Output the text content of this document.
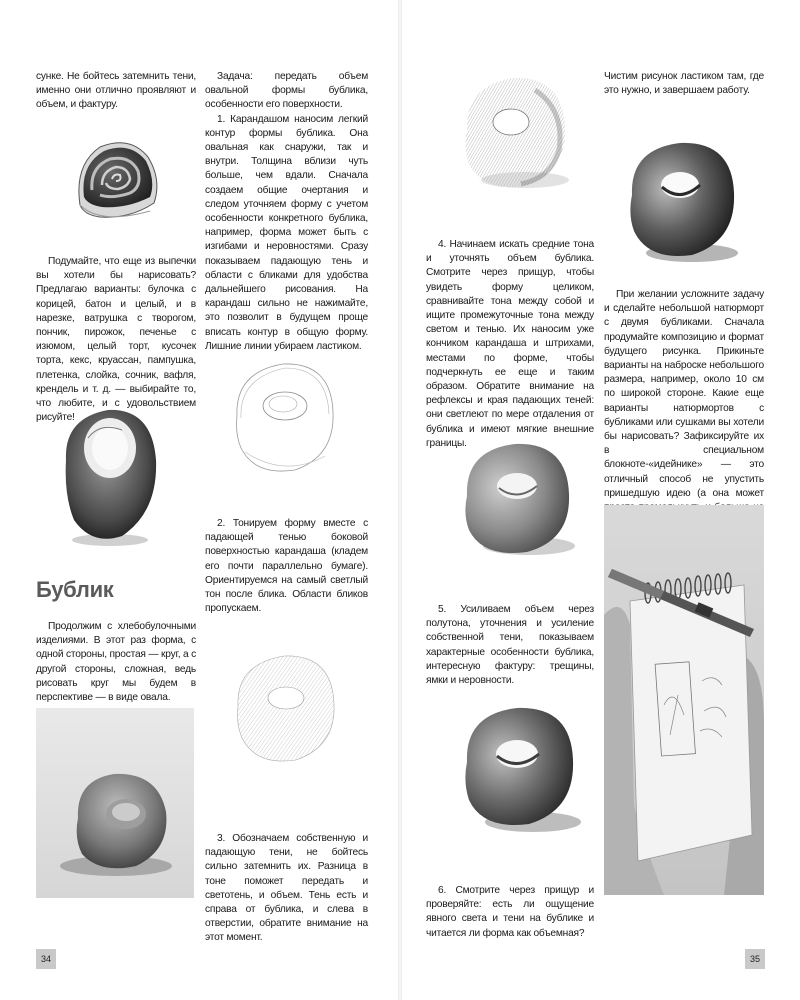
сунке. Не бойтесь затемнить тени, именно они отлично проявляют и объем, и фактуру.

Подумайте, что еще из выпечки вы хотели бы нарисовать? Предлагаю варианты: булочка с корицей, батон и целый, и в нарезке, ватрушка с творогом, пончик, пирожок, печенье с изюмом, целый торт, кусочек торта, кекс, круассан, пампушка, плетенка, слойка, сочник, вафля, крендель и т. д. — выбирайте то, что любите, и с удовольствием рисуйте!

Бублик

Продолжим с хлебобулочными изделиями. В этот раз форма, с одной стороны, простая — круг, а с другой стороны, сложная, ведь рисовать круг мы будем в перспективе — в виде овала.

Задача: передать объем овальной формы бублика, особенности его поверхности.

1. Карандашом наносим легкий контур формы бублика. Она овальная как снаружи, так и внутри. Толщина вблизи чуть больше, чем вдали. Сначала создаем общие очертания и следом уточняем форму с учетом особенности конкретного бублика, например, форма может быть с изгибами и неровностями. Сразу показываем падающую тень и области с бликами для удобства дальнейшего рисования. На карандаш сильно не нажимайте, это позволит в будущем проще вписать контур в общую форму. Лишние линии убираем ластиком.

2. Тонируем форму вместе с падающей тенью боковой поверхностью карандаша (кладем его почти параллельно бумаге). Ориентируемся на самый светлый тон после блика. Области бликов пропускаем.

3. Обозначаем собственную и падающую тени, не бойтесь сильно затемнить их. Разница в тоне поможет передать и светотень, и объем. Тень есть и справа от бублика, и слева в отверстии, обратите внимание на этот момент.

34

4. Начинаем искать средние тона и уточнять объем бублика. Смотрите через прищур, чтобы увидеть форму целиком, сравнивайте тона между собой и ищите промежуточные тона между светом и тенью. Их наносим уже кончиком карандаша и штрихами, местами по форме, чтобы подчеркнуть ее еще и таким образом. Обратите внимание на рефлексы и края падающих теней: они светлеют по мере отдаления от бублика и имеют мягкие внешние границы.

5. Усиливаем объем через полутона, уточнения и усиление собственной тени, показываем характерные особенности бублика, интересную фактуру: трещины, ямки и неровности.

6. Смотрите через прищур и проверяйте: есть ли ощущение явного света и тени на бублике и читается ли форма как объемная?

Чистим рисунок ластиком там, где это нужно, и завершаем работу.

При желании усложните задачу и сделайте небольшой натюрморт с двумя бубликами. Сначала продумайте композицию и формат будущего рисунка. Прикиньте варианты на наброске небольшого размера, например, около 10 см по широкой стороне. Какие еще варианты натюрмортов с бубликами или сушками вы хотели бы нарисовать? Зафиксируйте их в специальном блокноте-«идейнике» — это отличный способ не упустить пришедшую идею (а она может

35
